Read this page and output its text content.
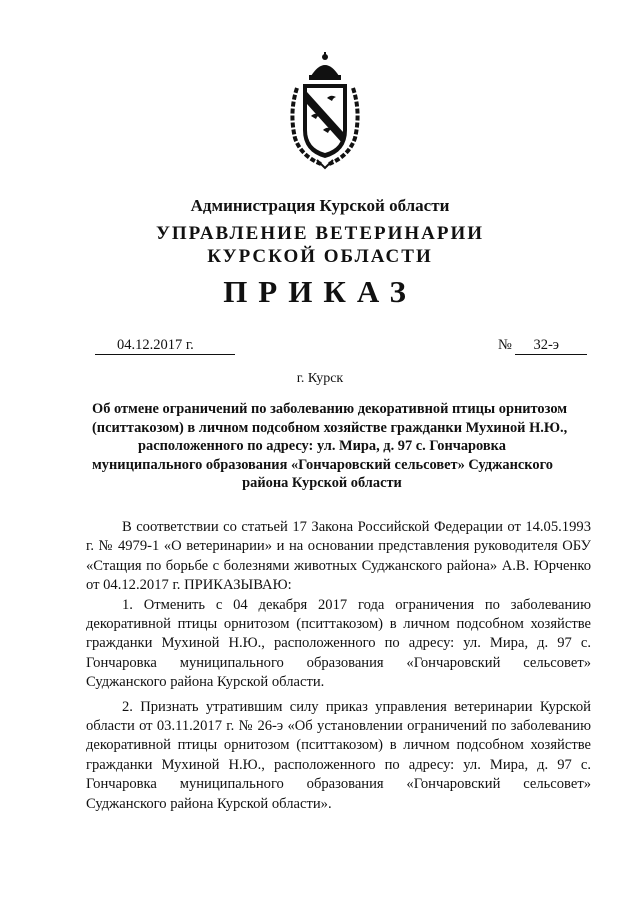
Администрация Курской области
УПРАВЛЕНИЕ ВЕТЕРИНАРИИ
КУРСКОЙ ОБЛАСТИ
ПРИКАЗ
04.12.2017 г.	№ 32-э
г. Курск
Об отмене ограничений по заболеванию декоративной птицы орнитозом
(пситтакозом) в личном подсобном хозяйстве гражданки Мухиной Н.Ю.,
расположенного по адресу: ул. Мира, д. 97 с. Гончаровка
муниципального образования «Гончаровский сельсовет» Суджанского
района Курской области
В соответствии со статьей 17 Закона Российской Федерации от 14.05.1993 г. № 4979-1 «О ветеринарии» и на основании представления руководителя ОБУ «Стащия по борьбе с болезнями животных Суджанского района» А.В. Юрченко от 04.12.2017 г. ПРИКАЗЫВАЮ:
1. Отменить с 04 декабря 2017 года ограничения по заболеванию декоративной птицы орнитозом (пситтакозом) в личном подсобном хозяйстве гражданки Мухиной Н.Ю., расположенного по адресу: ул. Мира, д. 97 с. Гончаровка муниципального образования «Гончаровский сельсовет» Суджанского района Курской области.
2. Признать утратившим силу приказ управления ветеринарии Курской области от 03.11.2017 г. № 26-э «Об установлении ограничений по заболеванию декоративной птицы орнитозом (пситтакозом) в личном подсобном хозяйстве гражданки Мухиной Н.Ю., расположенного по адресу: ул. Мира, д. 97 с. Гончаровка муниципального образования «Гончаровский сельсовет» Суджанского района Курской области».
